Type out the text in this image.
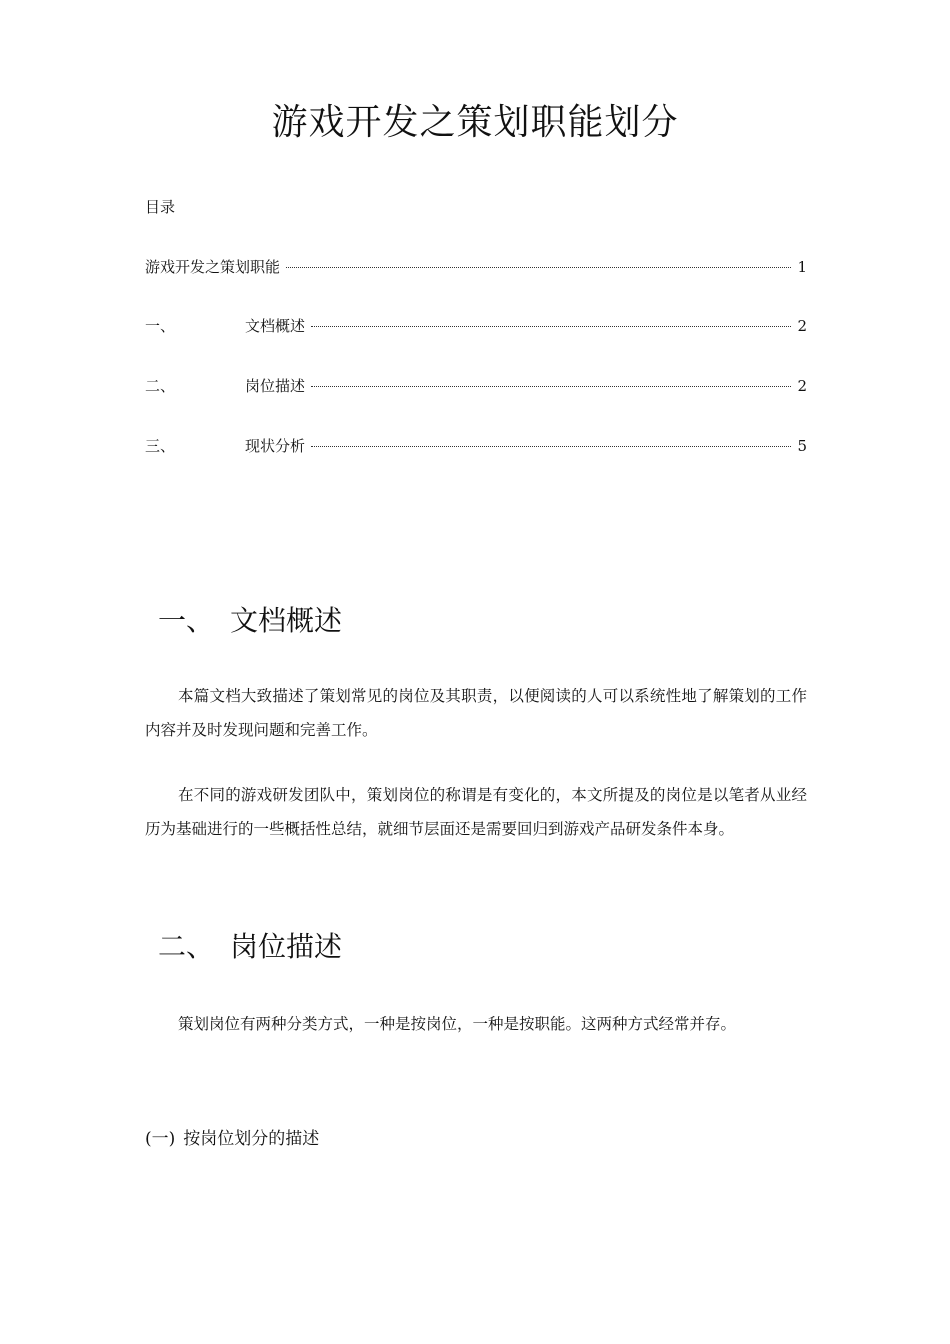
游戏开发之策划职能划分
目录
游戏开发之策划职能	1
一、	文档概述	2
二、	岗位描述	2
三、	现状分析	5
一、 文档概述
本篇文档大致描述了策划常见的岗位及其职责，以便阅读的人可以系统性地了解策划的工作内容并及时发现问题和完善工作。
在不同的游戏研发团队中，策划岗位的称谓是有变化的，本文所提及的岗位是以笔者从业经历为基础进行的一些概括性总结，就细节层面还是需要回归到游戏产品研发条件本身。
二、 岗位描述
策划岗位有两种分类方式，一种是按岗位，一种是按职能。这两种方式经常并存。
(一) 按岗位划分的描述
